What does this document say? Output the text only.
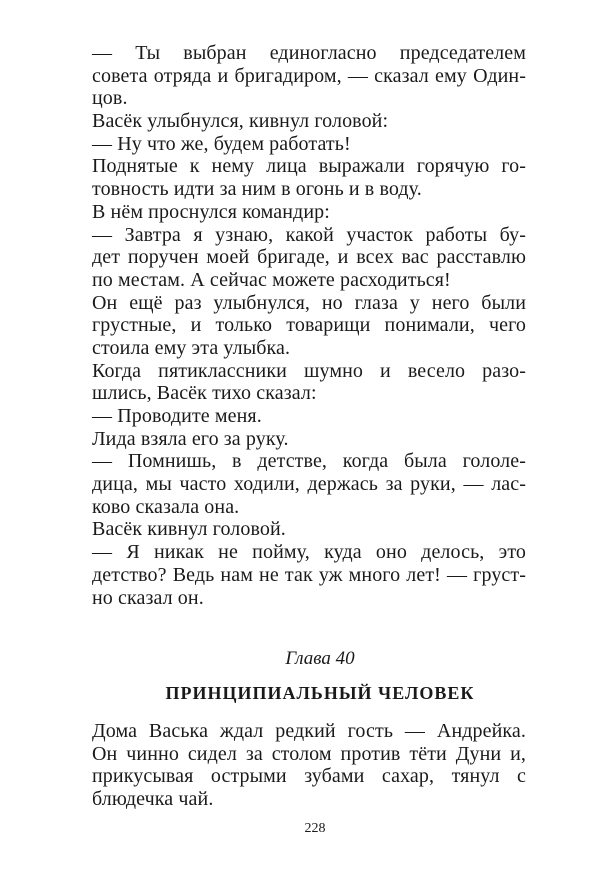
— Ты выбран единогласно председателем
совета отряда и бригадиром, — сказал ему Один-
цов.
Васёк улыбнулся, кивнул головой:
— Ну что же, будем работать!
Поднятые к нему лица выражали горячую го-
товность идти за ним в огонь и в воду.
В нём проснулся командир:
— Завтра я узнаю, какой участок работы бу-
дет поручен моей бригаде, и всех вас расставлю
по местам. А сейчас можете расходиться!
Он ещё раз улыбнулся, но глаза у него были
грустные, и только товарищи понимали, чего
стоила ему эта улыбка.
Когда пятиклассники шумно и весело разо-
шлись, Васёк тихо сказал:
— Проводите меня.
Лида взяла его за руку.
— Помнишь, в детстве, когда была гололе-
дица, мы часто ходили, держась за руки, — лас-
ково сказала она.
Васёк кивнул головой.
— Я никак не пойму, куда оно делось, это
детство? Ведь нам не так уж много лет! — груст-
но сказал он.
Глава 40
ПРИНЦИПИАЛЬНЫЙ ЧЕЛОВЕК
Дома Васька ждал редкий гость — Андрейка.
Он чинно сидел за столом против тёти Дуни и,
прикусывая острыми зубами сахар, тянул с
блюдечка чай.
228
